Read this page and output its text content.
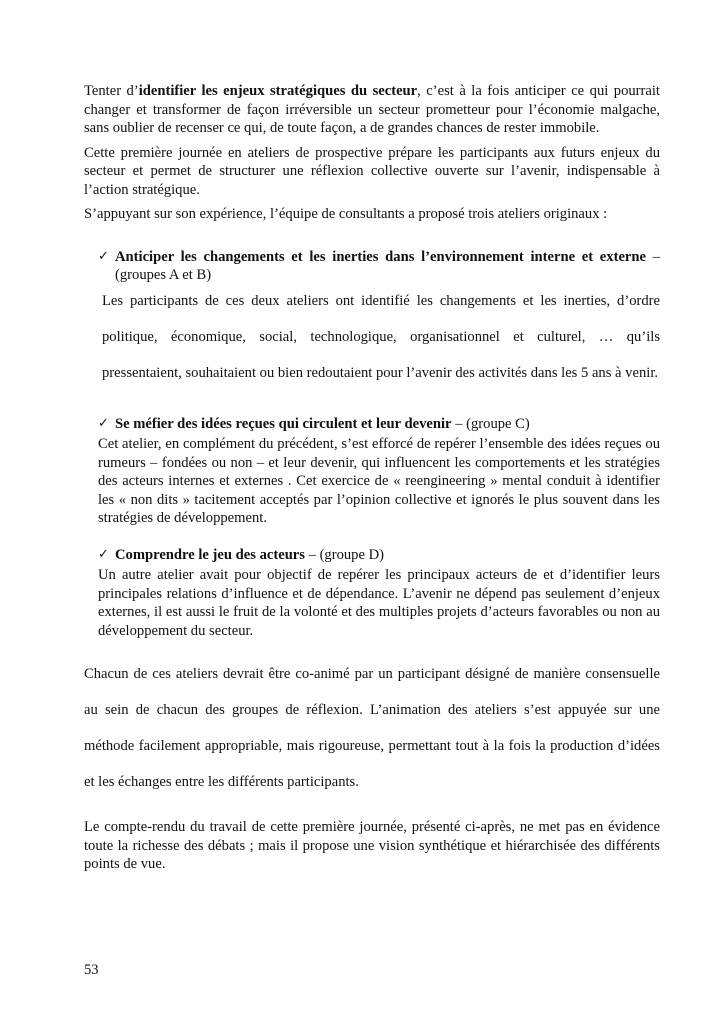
Tenter d’identifier les enjeux stratégiques du secteur, c’est à la fois anticiper ce qui pourrait changer et transformer de façon irréversible un secteur prometteur pour l’économie malgache, sans oublier de recenser ce qui, de toute façon, a de grandes chances de rester immobile.

Cette première journée en ateliers de prospective prépare les participants aux futurs enjeux du secteur et permet de structurer une réflexion collective ouverte sur l’avenir, indispensable à l’action stratégique.

S’appuyant sur son expérience, l’équipe de consultants a proposé trois ateliers originaux :

✓ Anticiper les changements et les inerties dans l’environnement interne et externe – (groupes A et B)

Les participants de ces deux ateliers ont identifié les changements et les inerties, d’ordre politique, économique, social, technologique, organisationnel et culturel, … qu’ils pressentaient, souhaitaient ou bien redoutaient pour l’avenir des activités dans les 5 ans à venir.

✓ Se méfier des idées reçues qui circulent et leur devenir – (groupe C)

Cet atelier, en complément du précédent, s’est efforcé de repérer l’ensemble des idées reçues ou rumeurs – fondées ou non – et leur devenir, qui influencent les comportements et les stratégies des acteurs internes et externes . Cet exercice de « reengineering » mental conduit à identifier les « non dits » tacitement acceptés par l’opinion collective et ignorés le plus souvent dans les stratégies de développement.

✓ Comprendre le jeu des acteurs – (groupe D)

Un autre atelier avait pour objectif de repérer les principaux acteurs de et d’identifier leurs principales relations d’influence et de dépendance. L’avenir ne dépend pas seulement d’enjeux externes, il est aussi le fruit de la volonté et des multiples projets d’acteurs favorables ou non au développement du secteur.

Chacun de ces ateliers devrait être co-animé par un participant désigné de manière consensuelle au sein de chacun des groupes de réflexion. L’animation des ateliers s’est appuyée sur une méthode facilement appropriable, mais rigoureuse, permettant tout à la fois la production d’idées et les échanges entre les différents participants.

Le compte-rendu du travail de cette première journée, présenté ci-après, ne met pas en évidence toute la richesse des débats ; mais il propose une vision synthétique et hiérarchisée des différents points de vue.

53
